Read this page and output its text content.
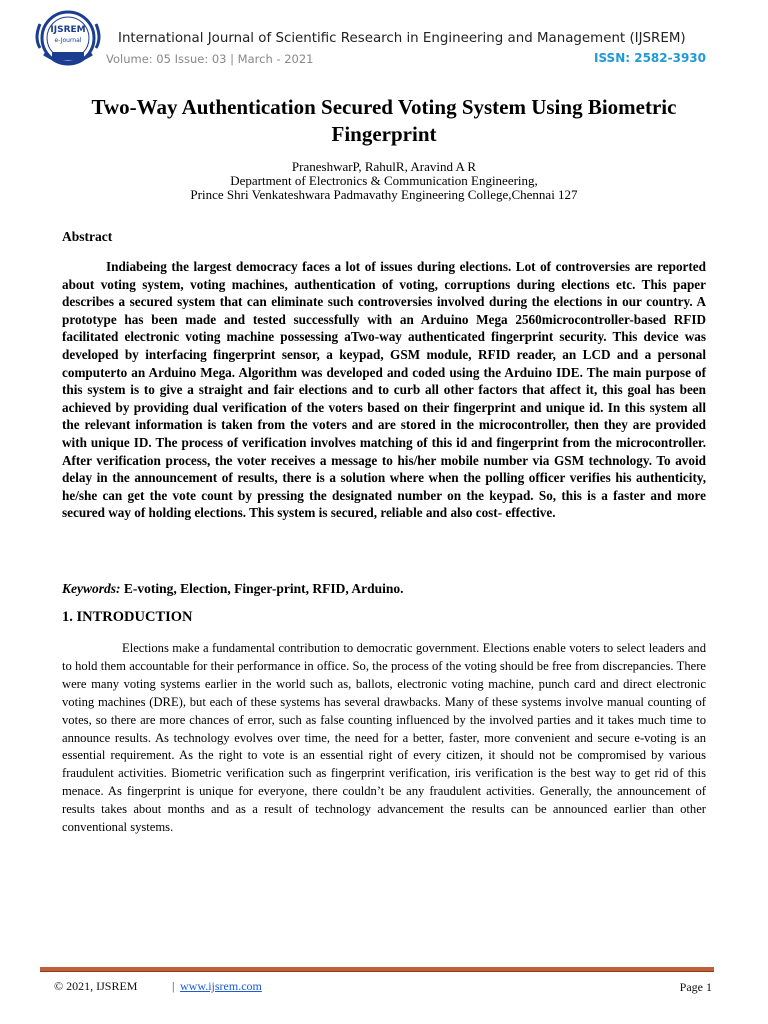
IJSREM
e-Journal	International Journal of Scientific Research in Engineering and Management (IJSREM)
Volume: 05 Issue: 03 | March - 2021	ISSN: 2582-3930
Two-Way Authentication Secured Voting System Using Biometric Fingerprint
PraneshwarP, RahulR, Aravind A R
Department of Electronics & Communication Engineering,
Prince Shri Venkateshwara Padmavathy Engineering College,Chennai 127
Abstract
Indiabeing the largest democracy faces a lot of issues during elections. Lot of controversies are reported about voting system, voting machines, authentication of voting, corruptions during elections etc. This paper describes a secured system that can eliminate such controversies involved during the elections in our country. A prototype has been made and tested successfully with an Arduino Mega 2560microcontroller-based RFID facilitated electronic voting machine possessing aTwo-way authenticated fingerprint security. This device was developed by interfacing fingerprint sensor, a keypad, GSM module, RFID reader, an LCD and a personal computerto an Arduino Mega. Algorithm was developed and coded using the Arduino IDE. The main purpose of this system is to give a straight and fair elections and to curb all other factors that affect it, this goal has been achieved by providing dual verification of the voters based on their fingerprint and unique id. In this system all the relevant information is taken from the voters and are stored in the microcontroller, then they are provided with unique ID. The process of verification involves matching of this id and fingerprint from the microcontroller. After verification process, the voter receives a message to his/her mobile number via GSM technology. To avoid delay in the announcement of results, there is a solution where when the polling officer verifies his authenticity, he/she can get the vote count by pressing the designated number on the keypad. So, this is a faster and more secured way of holding elections. This system is secured, reliable and also cost- effective.
Keywords: E-voting, Election, Finger-print, RFID, Arduino.
1. INTRODUCTION
Elections make a fundamental contribution to democratic government. Elections enable voters to select leaders and to hold them accountable for their performance in office. So, the process of the voting should be free from discrepancies. There were many voting systems earlier in the world such as, ballots, electronic voting machine, punch card and direct electronic voting machines (DRE), but each of these systems has several drawbacks. Many of these systems involve manual counting of votes, so there are more chances of error, such as false counting influenced by the involved parties and it takes much time to announce results. As technology evolves over time, the need for a better, faster, more convenient and secure e-voting is an essential requirement. As the right to vote is an essential right of every citizen, it should not be compromised by various fraudulent activities. Biometric verification such as fingerprint verification, iris verification is the best way to get rid of this menace. As fingerprint is unique for everyone, there couldn’t be any fraudulent activities. Generally, the announcement of results takes about months and as a result of technology advancement the results can be announced earlier than other conventional systems.
© 2021, IJSREM	| www.ijsrem.com	Page 1
